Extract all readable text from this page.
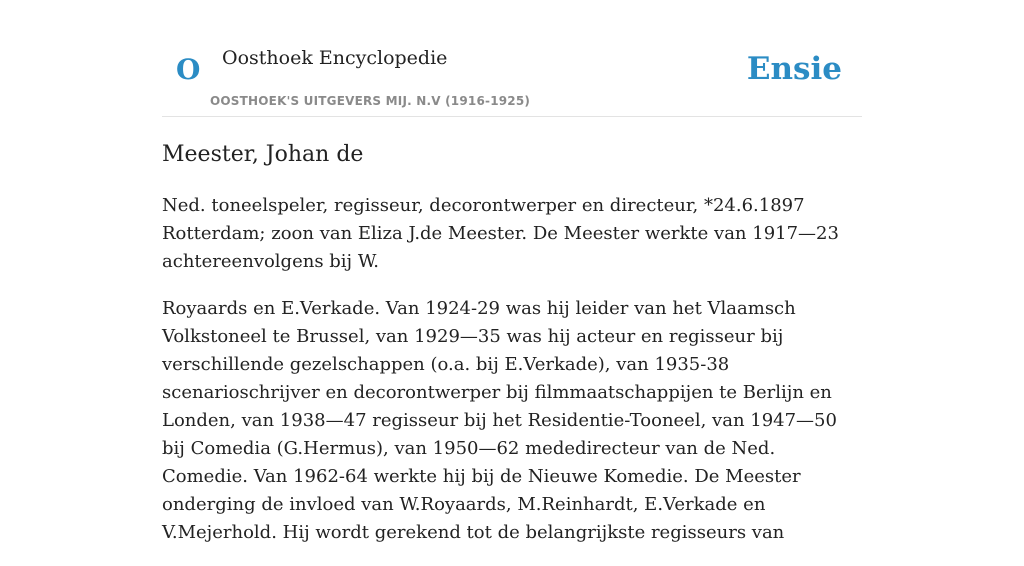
O Oosthoek Encyclopedie
OOSTHOEK'S UITGEVERS MIJ. N.V (1916-1925)
Ensie
Meester, Johan de

Ned. toneelspeler, regisseur, decorontwerper en directeur, *24.6.1897 Rotterdam; zoon van Eliza J.de Meester. De Meester werkte van 1917—23 achtereenvolgens bij W.

Royaards en E.Verkade. Van 1924-29 was hij leider van het Vlaamsch Volkstoneel te Brussel, van 1929—35 was hij acteur en regisseur bij verschillende gezelschappen (o.a. bij E.Verkade), van 1935-38 scenarioschrijver en decorontwerper bij filmmaatschappijen te Berlijn en Londen, van 1938—47 regisseur bij het Residentie-Tooneel, van 1947—50 bij Comedia (G.Hermus), van 1950—62 mededirecteur van de Ned. Comedie. Van 1962-64 werkte hij bij de Nieuwe Komedie. De Meester onderging de invloed van W.Royaards, M.Reinhardt, E.Verkade en V.Mejerhold. Hij wordt gerekend tot de belangrijkste regisseurs van
